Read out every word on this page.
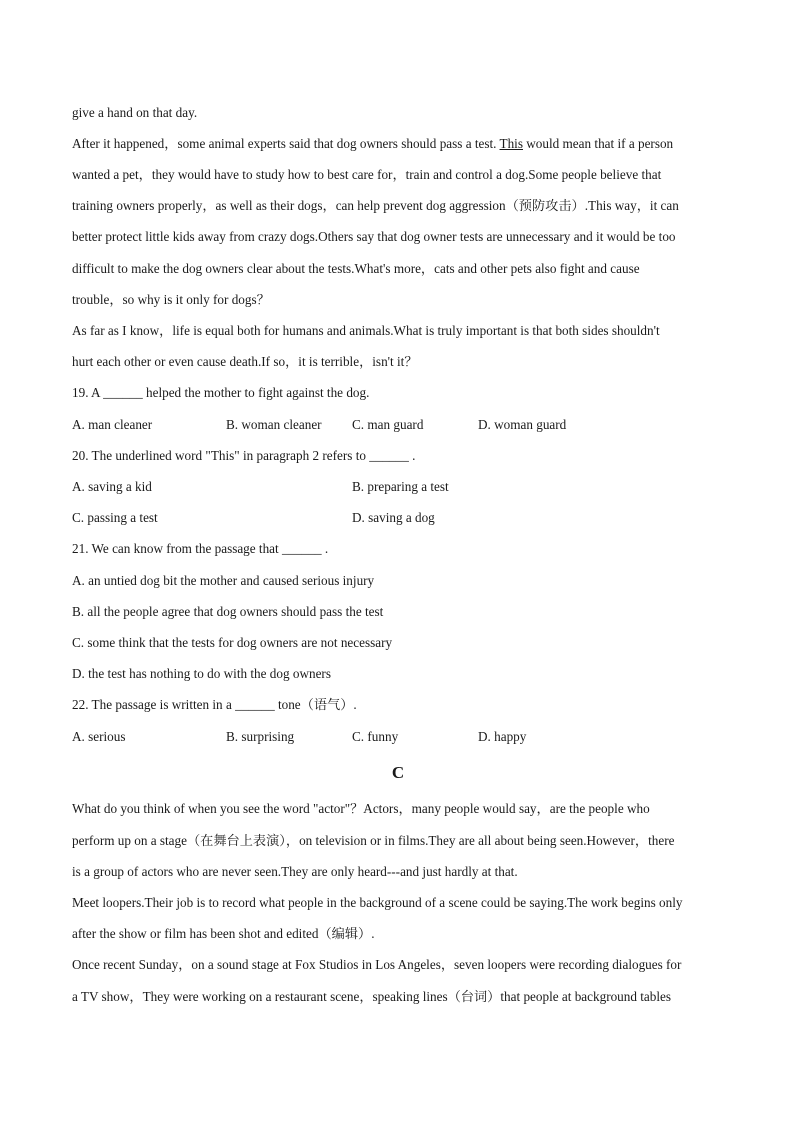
give a hand on that day.
After it happened，some animal experts said that dog owners should pass a test. This would mean that if a person
wanted a pet，they would have to study how to best care for，train and control a dog.Some people believe that
training owners properly，as well as their dogs，can help prevent dog aggression（预防攻击）.This way，it can
better protect little kids away from crazy dogs.Others say that dog owner tests are unnecessary and it would be too
difficult to make the dog owners clear about the tests.What's more，cats and other pets also fight and cause
trouble，so why is it only for dogs？
As far as I know，life is equal both for humans and animals.What is truly important is that both sides shouldn't
hurt each other or even cause death.If so，it is terrible，isn't it？
19. A ______ helped the mother to fight against the dog.
A. man cleaner	B. woman cleaner C. man guard	D. woman guard
20. The underlined word "This" in paragraph 2 refers to ______ .
A. saving a kid	B. preparing a test
C. passing a test	D. saving a dog
21. We can know from the passage that ______ .
A. an untied dog bit the mother and caused serious injury
B. all the people agree that dog owners should pass the test
C. some think that the tests for dog owners are not necessary
D. the test has nothing to do with the dog owners
22. The passage is written in a ______ tone（语气）.
A. serious	B. surprising	C. funny	D. happy
C
What do you think of when you see the word "actor"？Actors，many people would say，are the people who
perform up on a stage（在舞台上表演），on television or in films.They are all about being seen.However，there
is a group of actors who are never seen.They are only heard---and just hardly at that.
Meet loopers.Their job is to record what people in the background of a scene could be saying.The work begins only
after the show or film has been shot and edited（编辑）.
Once recent Sunday，on a sound stage at Fox Studios in Los Angeles，seven loopers were recording dialogues for
a TV show，They were working on a restaurant scene，speaking lines（台词）that people at background tables
